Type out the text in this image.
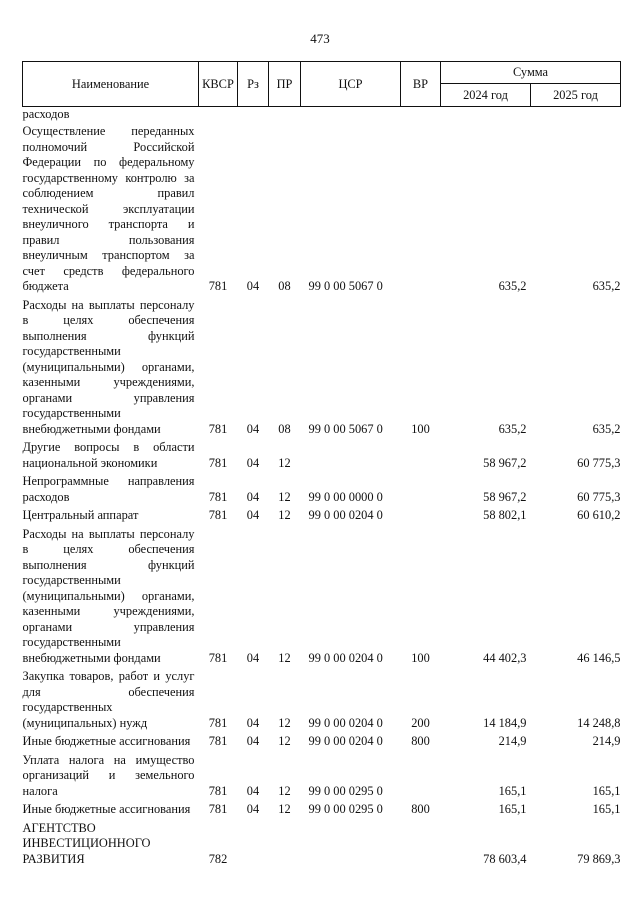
473
Наименование	КВСР	Рз	ПР	ЦСР	ВР	Сумма	
						2024 год	2025 год
расходов							

Осуществление переданных полномочий Российской Федерации по федеральному государственному контролю за соблюдением правил технической эксплуатации внеуличного транспорта и правил пользования внеуличным транспортом за счет средств федерального бюджета	781	04	08	99 0 00 5067 0		635,2	635,2

Расходы на выплаты персоналу в целях обеспечения выполнения функций государственными (муниципальными) органами, казенными учреждениями, органами управления государственными внебюджетными фондами	781	04	08	99 0 00 5067 0	100	635,2	635,2

Другие вопросы в области национальной экономики	781	04	12			58 967,2	60 775,3

Непрограммные направления расходов	781	04	12	99 0 00 0000 0		58 967,2	60 775,3

Центральный аппарат	781	04	12	99 0 00 0204 0		58 802,1	60 610,2

Расходы на выплаты персоналу в целях обеспечения выполнения функций государственными (муниципальными) органами, казенными учреждениями, органами управления государственными внебюджетными фондами	781	04	12	99 0 00 0204 0	100	44 402,3	46 146,5

Закупка товаров, работ и услуг для обеспечения государственных (муниципальных) нужд	781	04	12	99 0 00 0204 0	200	14 184,9	14 248,8

Иные бюджетные ассигнования	781	04	12	99 0 00 0204 0	800	214,9	214,9

Уплата налога на имущество организаций и земельного налога	781	04	12	99 0 00 0295 0		165,1	165,1

Иные бюджетные ассигнования	781	04	12	99 0 00 0295 0	800	165,1	165,1

АГЕНТСТВО ИНВЕСТИЦИОННОГО РАЗВИТИЯ	782					78 603,4	79 869,3
